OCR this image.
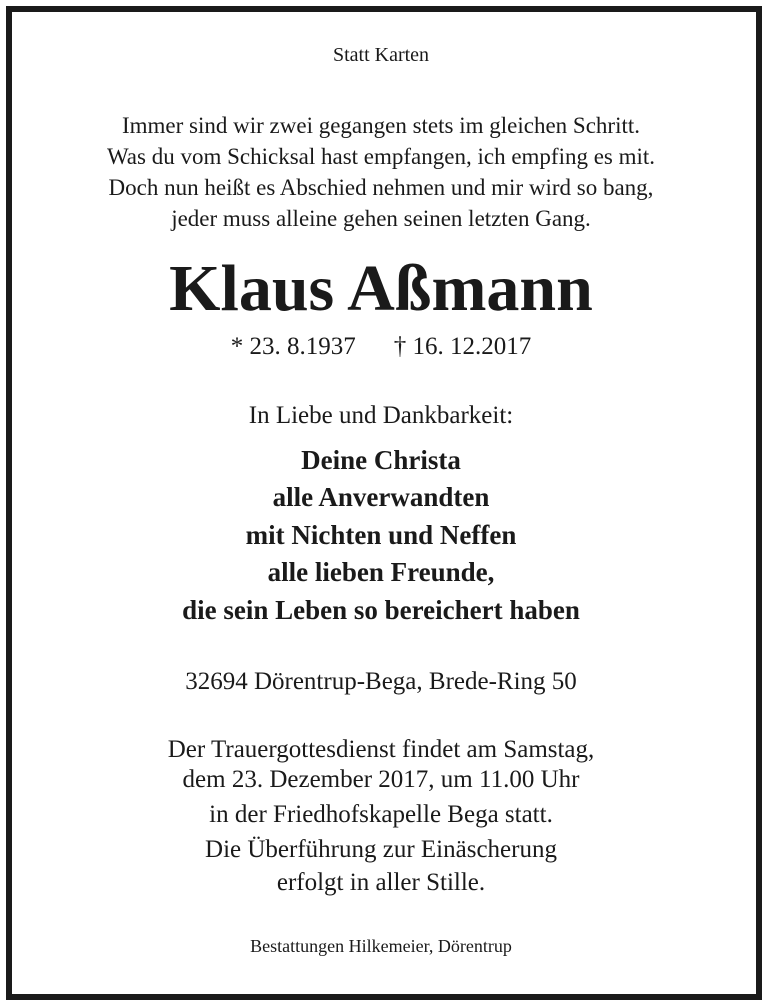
Statt Karten
Immer sind wir zwei gegangen stets im gleichen Schritt.
Was du vom Schicksal hast empfangen, ich empfing es mit.
Doch nun heißt es Abschied nehmen und mir wird so bang,
jeder muss alleine gehen seinen letzten Gang.
Klaus Aßmann
* 23. 8.1937 † 16. 12.2017
In Liebe und Dankbarkeit:
Deine Christa
alle Anverwandten
mit Nichten und Neffen
alle lieben Freunde,
die sein Leben so bereichert haben
32694 Dörentrup-Bega, Brede-Ring 50
Der Trauergottesdienst findet am Samstag,
dem 23. Dezember 2017, um 11.00 Uhr
in der Friedhofskapelle Bega statt.
Die Überführung zur Einäscherung
erfolgt in aller Stille.
Bestattungen Hilkemeier, Dörentrup
